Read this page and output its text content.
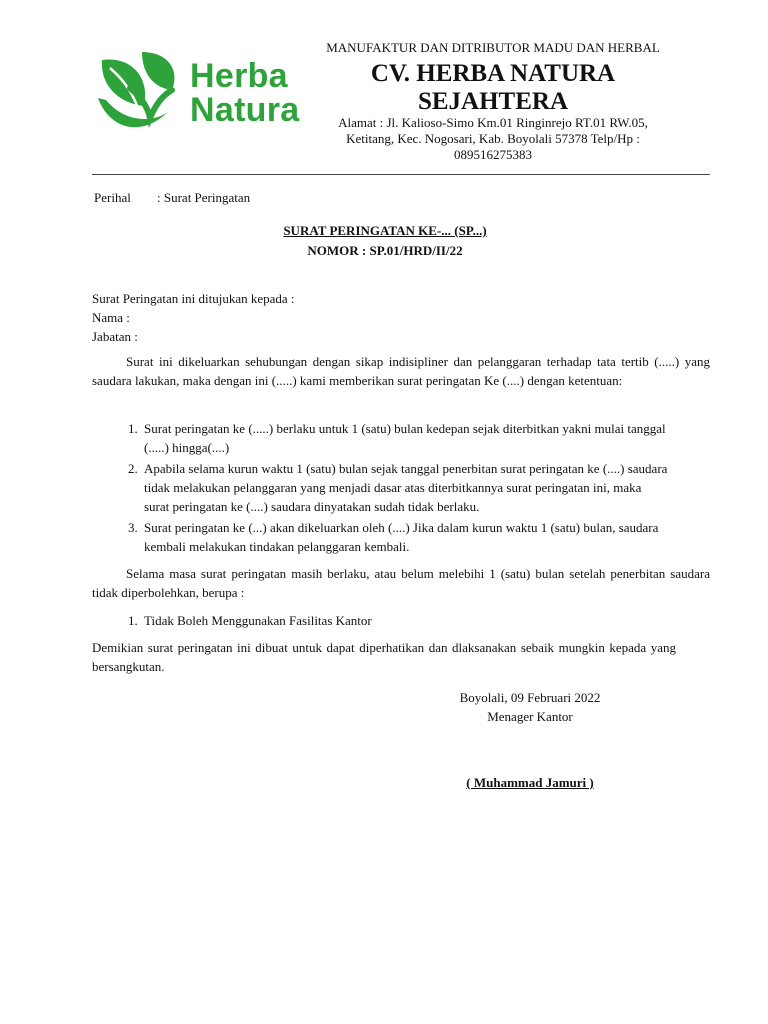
Herba
Natura
MANUFAKTUR DAN DITRIBUTOR MADU DAN HERBAL
CV. HERBA NATURA
SEJAHTERA
Alamat : Jl. Kalioso-Simo Km.01 Ringinrejo RT.01 RW.05, Ketitang, Kec. Nogosari, Kab. Boyolali 57378 Telp/Hp : 089516275383
Perihal : Surat Peringatan
SURAT PERINGATAN KE-... (SP...)
NOMOR : SP.01/HRD/II/22
Surat Peringatan ini ditujukan kepada :
Nama :
Jabatan :
Surat ini dikeluarkan sehubungan dengan sikap indisipliner dan pelanggaran terhadap tata tertib (.....) yang saudara lakukan, maka dengan ini (.....) kami memberikan surat peringatan Ke (....) dengan ketentuan:
1. Surat peringatan ke (.....) berlaku untuk 1 (satu) bulan kedepan sejak diterbitkan yakni mulai tanggal (.....) hingga(....)
2. Apabila selama kurun waktu 1 (satu) bulan sejak tanggal penerbitan surat peringatan ke (....) saudara tidak melakukan pelanggaran yang menjadi dasar atas diterbitkannya surat peringatan ini, maka surat peringatan ke (....) saudara dinyatakan sudah tidak berlaku.
3. Surat peringatan ke (...) akan dikeluarkan oleh (....) Jika dalam kurun waktu 1 (satu) bulan, saudara kembali melakukan tindakan pelanggaran kembali.
Selama masa surat peringatan masih berlaku, atau belum melebihi 1 (satu) bulan setelah penerbitan saudara tidak diperbolehkan, berupa :
1. Tidak Boleh Menggunakan Fasilitas Kantor
Demikian surat peringatan ini dibuat untuk dapat diperhatikan dan dlaksanakan sebaik mungkin kepada yang bersangkutan.
Boyolali, 09 Februari 2022
Menager Kantor
( Muhammad Jamuri )
